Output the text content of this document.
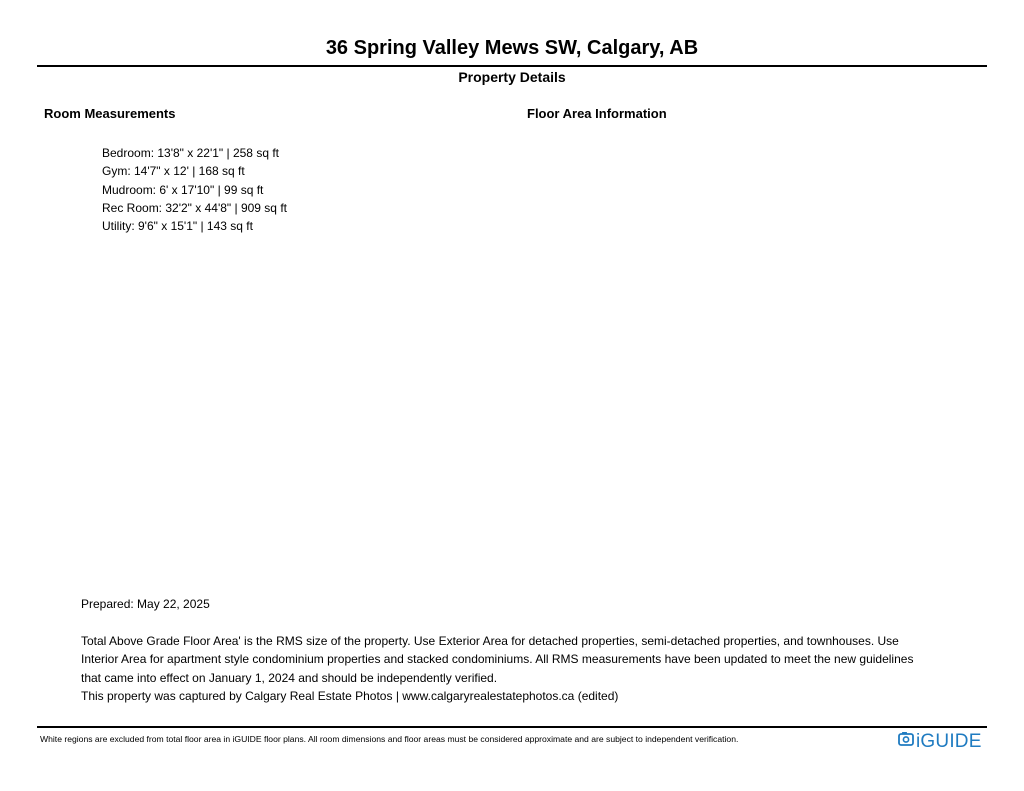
36 Spring Valley Mews SW, Calgary, AB
Property Details
Room Measurements	Floor Area Information
Bedroom: 13'8" x 22'1" | 258 sq ft
Gym: 14'7" x 12' | 168 sq ft
Mudroom: 6' x 17'10" | 99 sq ft
Rec Room: 32'2" x 44'8" | 909 sq ft
Utility: 9'6" x 15'1" | 143 sq ft
Prepared: May 22, 2025

Total Above Grade Floor Area' is the RMS size of the property. Use Exterior Area for detached properties, semi-detached properties, and townhouses. Use Interior Area for apartment style condominium properties and stacked condominiums. All RMS measurements have been updated to meet the new guidelines that came into effect on January 1, 2024 and should be independently verified.

This property was captured by Calgary Real Estate Photos | www.calgaryrealestatephotos.ca (edited)

White regions are excluded from total floor area in iGUIDE floor plans. All room dimensions and floor areas must be considered approximate and are subject to independent verification.	iGUIDE
